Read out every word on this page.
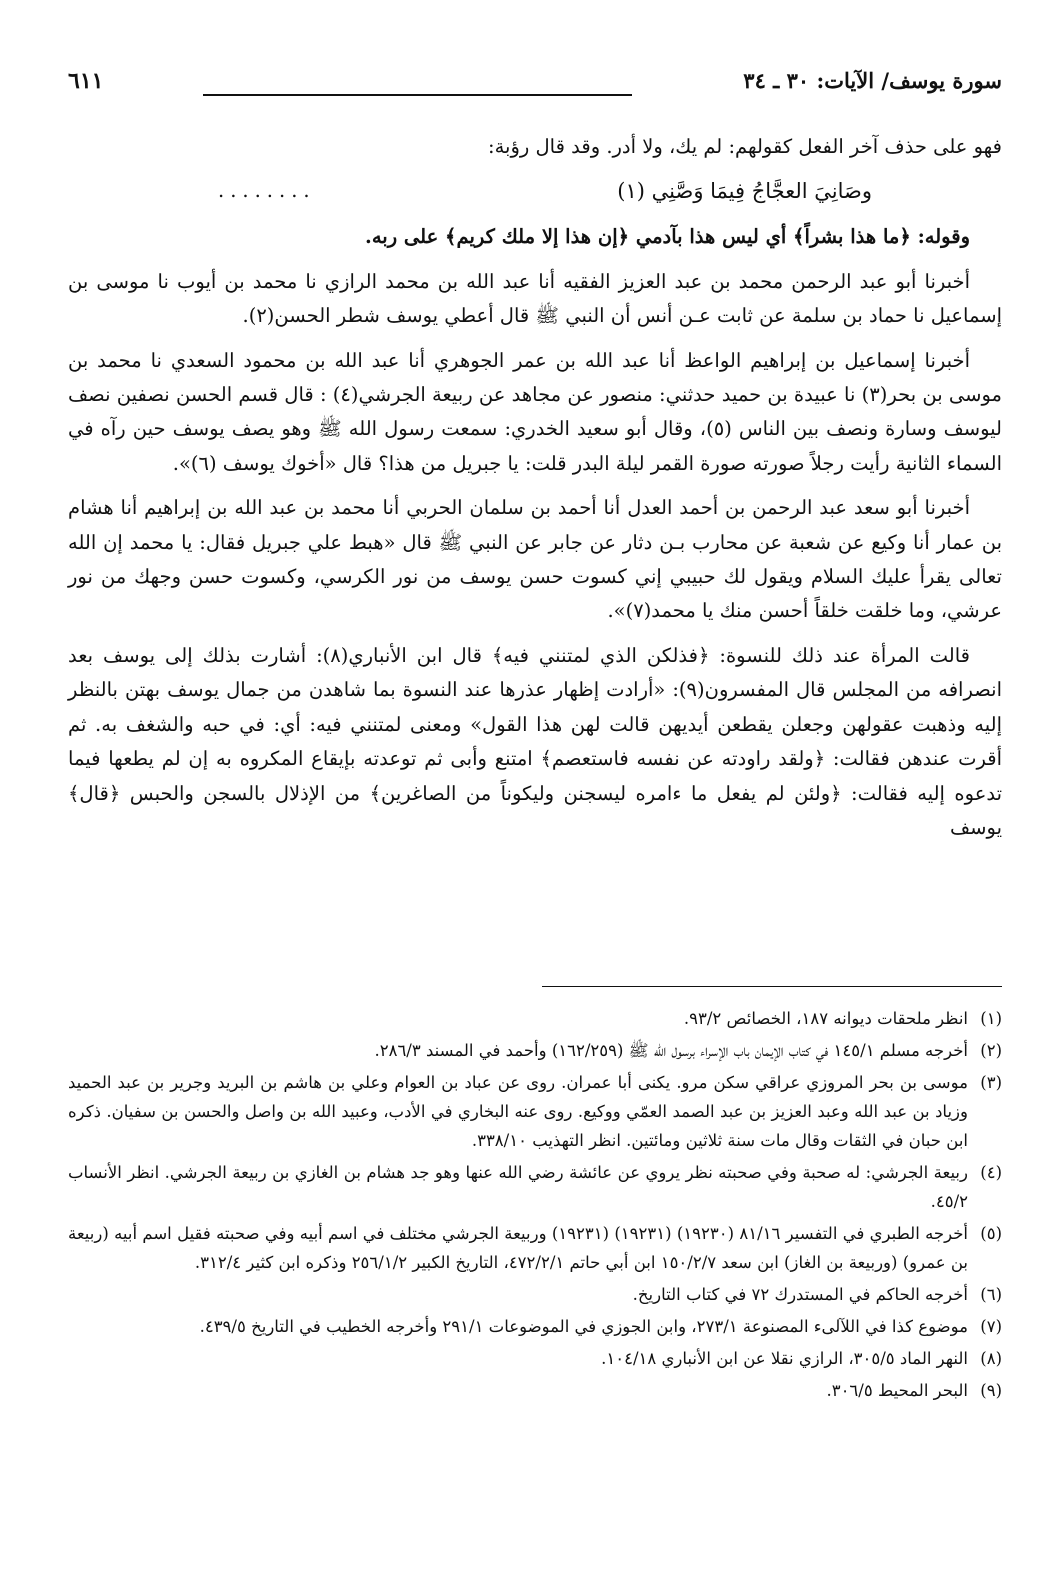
سورة يوسف/ الآيات: ٣٠ ـ ٣٤
٦١١

فهو على حذف آخر الفعل كقولهم: لم يك، ولا أدر. وقد قال رؤبة:

وصَانِيَ العجَّاجُ فِيمَا وَصَّنِي (١)
........

وقوله: ﴿ما هذا بشراً﴾ أي ليس هذا بآدمي ﴿إن هذا إلا ملك كريم﴾ على ربه.

أخبرنا أبو عبد الرحمن محمد بن عبد العزيز الفقيه أنا عبد الله بن محمد الرازي نا محمد بن أيوب نا موسى بن إسماعيل نا حماد بن سلمة عن ثابت عـن أنس أن النبي ﷺ قال أعطي يوسف شطر الحسن(٢).

أخبرنا إسماعيل بن إبراهيم الواعظ أنا عبد الله بن عمر الجوهري أنا عبد الله بن محمود السعدي نا محمد بن موسى بن بحر(٣) نا عبيدة بن حميد حدثني: منصور عن مجاهد عن ربيعة الجرشي(٤) : قال قسم الحسن نصفين نصف ليوسف وسارة ونصف بين الناس (٥)، وقال أبو سعيد الخدري: سمعت رسول الله ﷺ وهو يصف يوسف حين رآه في السماء الثانية رأيت رجلاً صورته صورة القمر ليلة البدر قلت: يا جبريل من هذا؟ قال «أخوك يوسف (٦)».

أخبرنا أبو سعد عبد الرحمن بن أحمد العدل أنا أحمد بن سلمان الحربي أنا محمد بن عبد الله بن إبراهيم أنا هشام بن عمار أنا وكيع عن شعبة عن محارب بـن دثار عن جابر عن النبي ﷺ قال «هبط علي جبريل فقال: يا محمد إن الله تعالى يقرأ عليك السلام ويقول لك حبيبي إني كسوت حسن يوسف من نور الكرسي، وكسوت حسن وجهك من نور عرشي، وما خلقت خلقاً أحسن منك يا محمد(٧)».

قالت المرأة عند ذلك للنسوة: ﴿فذلكن الذي لمتنني فيه﴾ قال ابن الأنباري(٨): أشارت بذلك إلى يوسف بعد انصرافه من المجلس قال المفسرون(٩): «أرادت إظهار عذرها عند النسوة بما شاهدن من جمال يوسف بهتن بالنظر إليه وذهبت عقولهن وجعلن يقطعن أيديهن قالت لهن هذا القول» ومعنى لمتنني فيه: أي: في حبه والشغف به. ثم أقرت عندهن فقالت: ﴿ولقد راودته عن نفسه فاستعصم﴾ امتنع وأبى ثم توعدته بإيقاع المكروه به إن لم يطعها فيما تدعوه إليه فقالت: ﴿ولئن لم يفعل ما ءامره ليسجنن وليكوناً من الصاغرين﴾ من الإذلال بالسجن والحبس ﴿قال﴾ يوسف

(١)
انظر ملحقات ديوانه ١٨٧، الخصائص ٩٣/٢.
(٢)
أخرجه مسلم ١٤٥/١ في كتاب الإيمان باب الإسراء برسول الله ﷺ (١٦٢/٢٥٩) وأحمد في المسند ٢٨٦/٣.
(٣)
موسى بن بحر المروزي عراقي سكن مرو. يكنى أبا عمران. روى عن عباد بن العوام وعلي بن هاشم بن البريد وجرير بن عبد الحميد وزياد بن عبد الله وعبد العزيز بن عبد الصمد العمّي ووكيع. روى عنه البخاري في الأدب، وعبيد الله بن واصل والحسن بن سفيان. ذكره ابن حبان في الثقات وقال مات سنة ثلاثين ومائتين. انظر التهذيب ٣٣٨/١٠.
(٤)
ربيعة الجرشي: له صحبة وفي صحبته نظر يروي عن عائشة رضي الله عنها وهو جد هشام بن الغازي بن ربيعة الجرشي. انظر الأنساب ٤٥/٢.
(٥)
أخرجه الطبري في التفسير ٨١/١٦ (١٩٢٣٠) (١٩٢٣١) (١٩٢٣١) وربيعة الجرشي مختلف في اسم أبيه وفي صحبته فقيل اسم أبيه (ربيعة بن عمرو) (وربيعة بن الغاز) ابن سعد ١٥٠/٢/٧ ابن أبي حاتم ٤٧٢/٢/١، التاريخ الكبير ٢٥٦/١/٢ وذكره ابن كثير ٣١٢/٤.
(٦)
أخرجه الحاكم في المستدرك ٧٢ في كتاب التاريخ.
(٧)
موضوع كذا في اللآلىء المصنوعة ٢٧٣/١، وابن الجوزي في الموضوعات ٢٩١/١ وأخرجه الخطيب في التاريخ ٤٣٩/٥.
(٨)
النهر الماد ٣٠٥/٥، الرازي نقلا عن ابن الأنباري ١٠٤/١٨.
(٩)
البحر المحيط ٣٠٦/٥.
